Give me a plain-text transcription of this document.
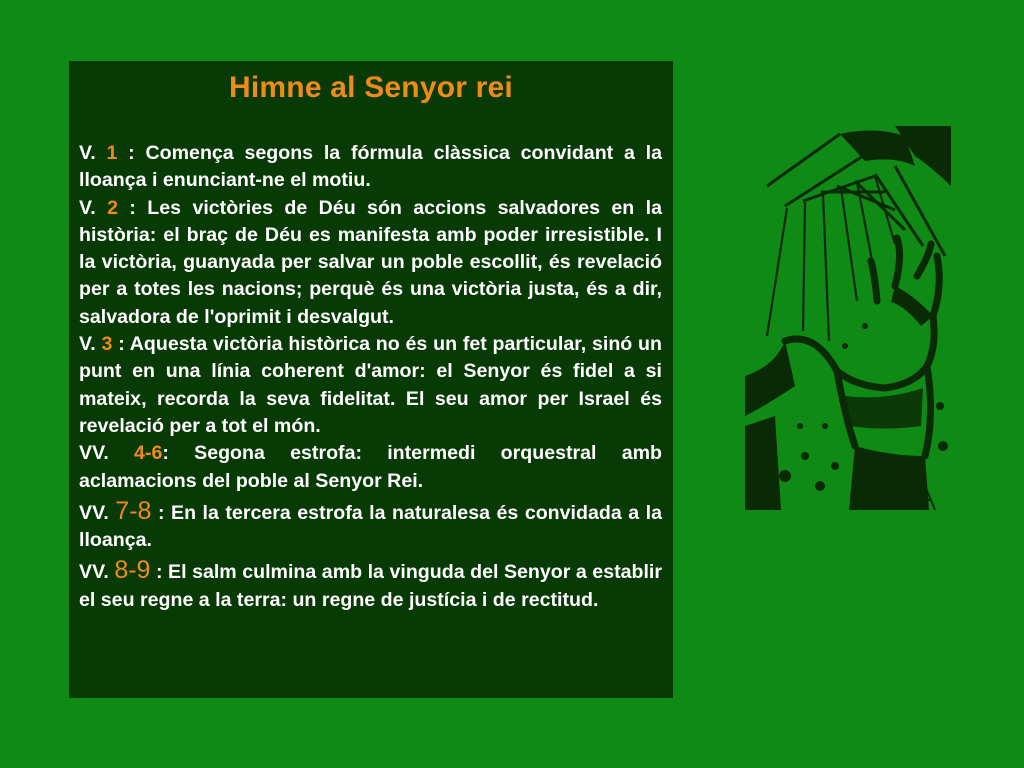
Himne al Senyor rei

V. 1 : Comença segons la fórmula clàssica convidant a la lloança i enunciant-ne el motiu.

V. 2 : Les victòries de Déu són accions salvadores en la història: el braç de Déu es manifesta amb poder irresistible. I la victòria, guanyada per salvar un poble escollit, és revelació per a totes les nacions; perquè és una victòria justa, és a dir, salvadora de l'oprimit i desvalgut.

V. 3 : Aquesta victòria històrica no és un fet particular, sinó un punt en una línia coherent d'amor: el Senyor és fidel a si mateix, recorda la seva fidelitat. El seu amor per Israel és revelació per a tot el món.

VV. 4-6: Segona estrofa: intermedi orquestral amb aclamacions del poble al Senyor Rei.

VV. 7-8 : En la tercera estrofa la naturalesa és convidada a la lloança.

VV. 8-9 : El salm culmina amb la vinguda del Senyor a establir el seu regne a la terra: un regne de justícia i de rectitud.
